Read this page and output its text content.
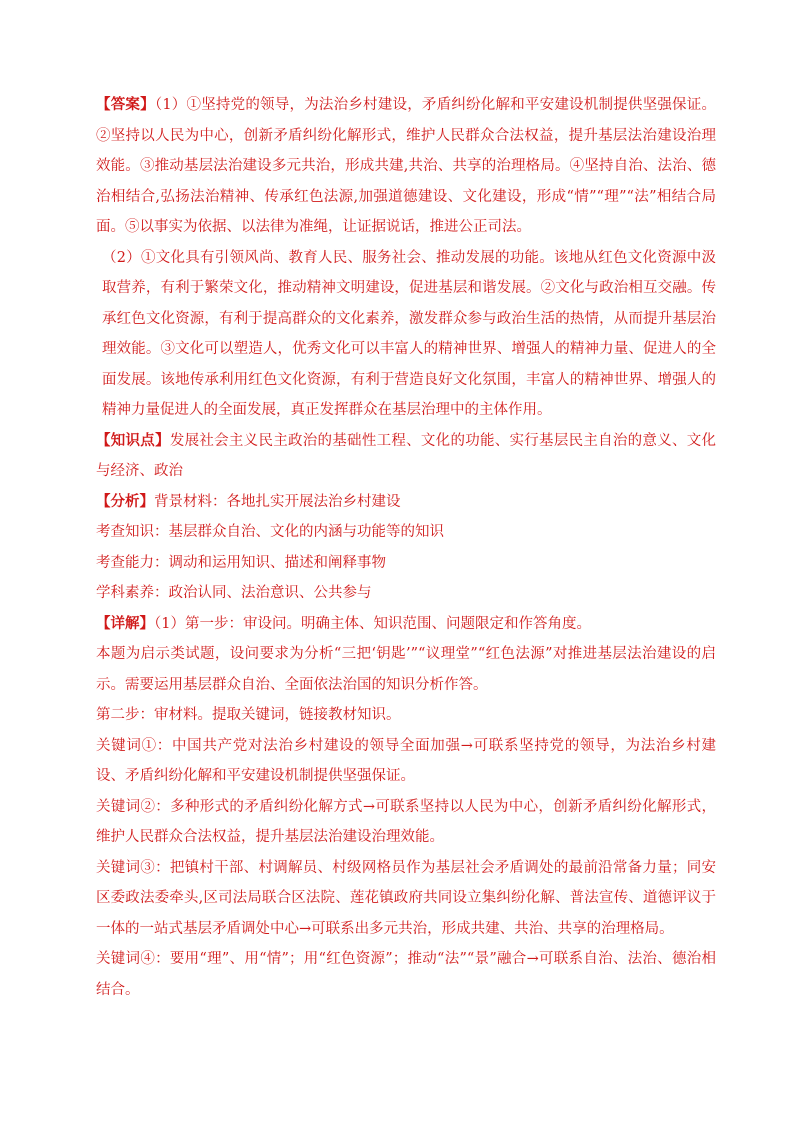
【答案】（1）①坚持党的领导，为法治乡村建设，矛盾纠纷化解和平安建设机制提供坚强保证。②坚持以人民为中心，创新矛盾纠纷化解形式，维护人民群众合法权益，提升基层法治建设治理效能。③推动基层法治建设多元共治，形成共建,共治、共享的治理格局。④坚持自治、法治、德治相结合,弘扬法治精神、传承红色法源,加强道德建设、文化建设，形成“情”“理”“法”相结合局面。⑤以事实为依据、以法律为准绳，让证据说话，推进公正司法。

（2）①文化具有引领风尚、教育人民、服务社会、推动发展的功能。该地从红色文化资源中汲取营养，有利于繁荣文化，推动精神文明建设，促进基层和谐发展。②文化与政治相互交融。传承红色文化资源，有利于提高群众的文化素养，激发群众参与政治生活的热情，从而提升基层治理效能。③文化可以塑造人，优秀文化可以丰富人的精神世界、增强人的精神力量、促进人的全面发展。该地传承利用红色文化资源，有利于营造良好文化氛围，丰富人的精神世界、增强人的精神力量促进人的全面发展，真正发挥群众在基层治理中的主体作用。

【知识点】发展社会主义民主政治的基础性工程、文化的功能、实行基层民主自治的意义、文化与经济、政治

【分析】背景材料：各地扎实开展法治乡村建设

考查知识：基层群众自治、文化的内涵与功能等的知识

考查能力：调动和运用知识、描述和阐释事物

学科素养：政治认同、法治意识、公共参与

【详解】（1）第一步：审设问。明确主体、知识范围、问题限定和作答角度。

本题为启示类试题，设问要求为分析“三把‘钥匙’”“议理堂”“红色法源”对推进基层法治建设的启示。需要运用基层群众自治、全面依法治国的知识分析作答。

第二步：审材料。提取关键词，链接教材知识。

关键词①：中国共产党对法治乡村建设的领导全面加强→可联系坚持党的领导，为法治乡村建设、矛盾纠纷化解和平安建设机制提供坚强保证。

关键词②：多种形式的矛盾纠纷化解方式→可联系坚持以人民为中心，创新矛盾纠纷化解形式，维护人民群众合法权益，提升基层法治建设治理效能。

关键词③：把镇村干部、村调解员、村级网格员作为基层社会矛盾调处的最前沿常备力量；同安区委政法委牵头,区司法局联合区法院、莲花镇政府共同设立集纠纷化解、普法宣传、道德评议于一体的一站式基层矛盾调处中心→可联系出多元共治，形成共建、共治、共享的治理格局。

关键词④：要用“理”、用“情”；用“红色资源”；推动“法”“景”融合→可联系自治、法治、德治相结合。
